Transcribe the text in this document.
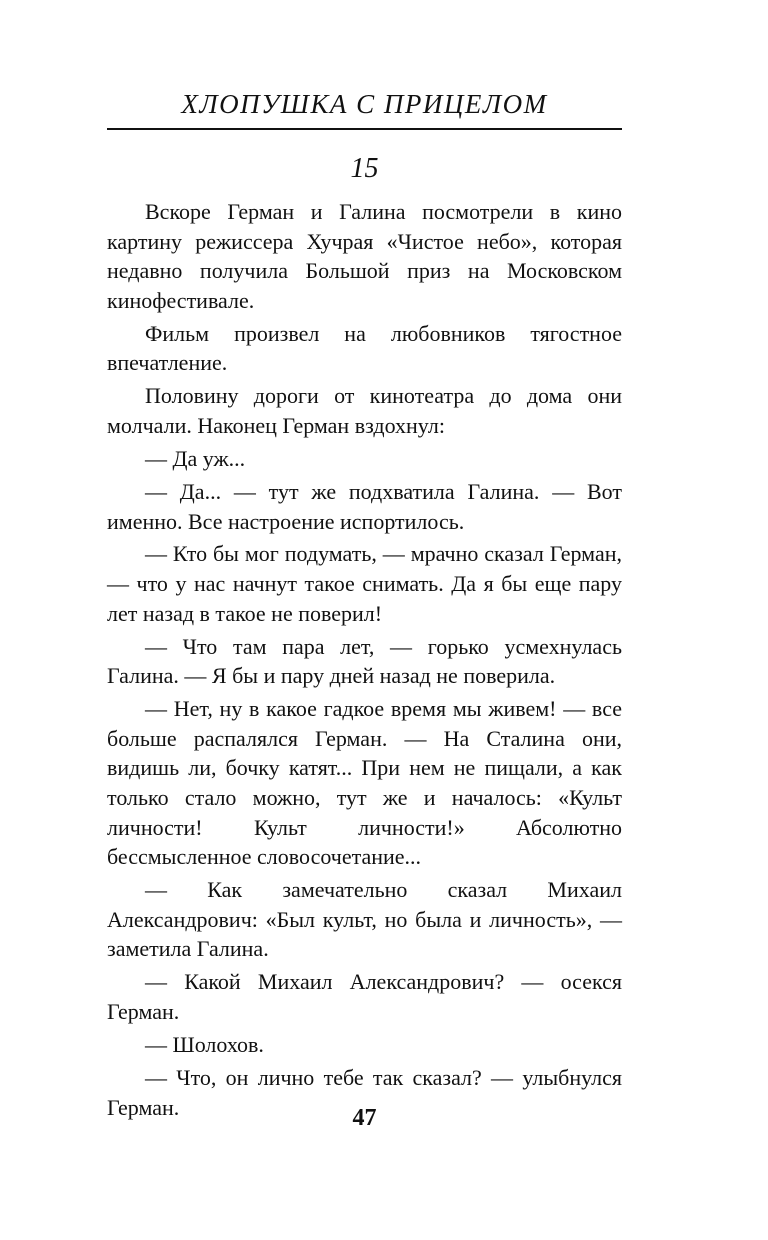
ХЛОПУШКА С ПРИЦЕЛОМ
15

Вскоре Герман и Галина посмотрели в кино картину режиссера Хучрая «Чистое небо», которая недавно получила Большой приз на Московском кинофестивале.

Фильм произвел на любовников тягостное впечатление.

Половину дороги от кинотеатра до дома они молчали. Наконец Герман вздохнул:

— Да уж...

— Да... — тут же подхватила Галина. — Вот именно. Все настроение испортилось.

— Кто бы мог подумать, — мрачно сказал Герман, — что у нас начнут такое снимать. Да я бы еще пару лет назад в такое не поверил!

— Что там пара лет, — горько усмехнулась Галина. — Я бы и пару дней назад не поверила.

— Нет, ну в какое гадкое время мы живем! — все больше распалялся Герман. — На Сталина они, видишь ли, бочку катят... При нем не пищали, а как только стало можно, тут же и началось: «Культ личности! Культ личности!» Абсолютно бессмысленное словосочетание...

— Как замечательно сказал Михаил Александрович: «Был культ, но была и личность», — заметила Галина.

— Какой Михаил Александрович? — осекся Герман.

— Шолохов.

— Что, он лично тебе так сказал? — улыбнулся Герман.	47
